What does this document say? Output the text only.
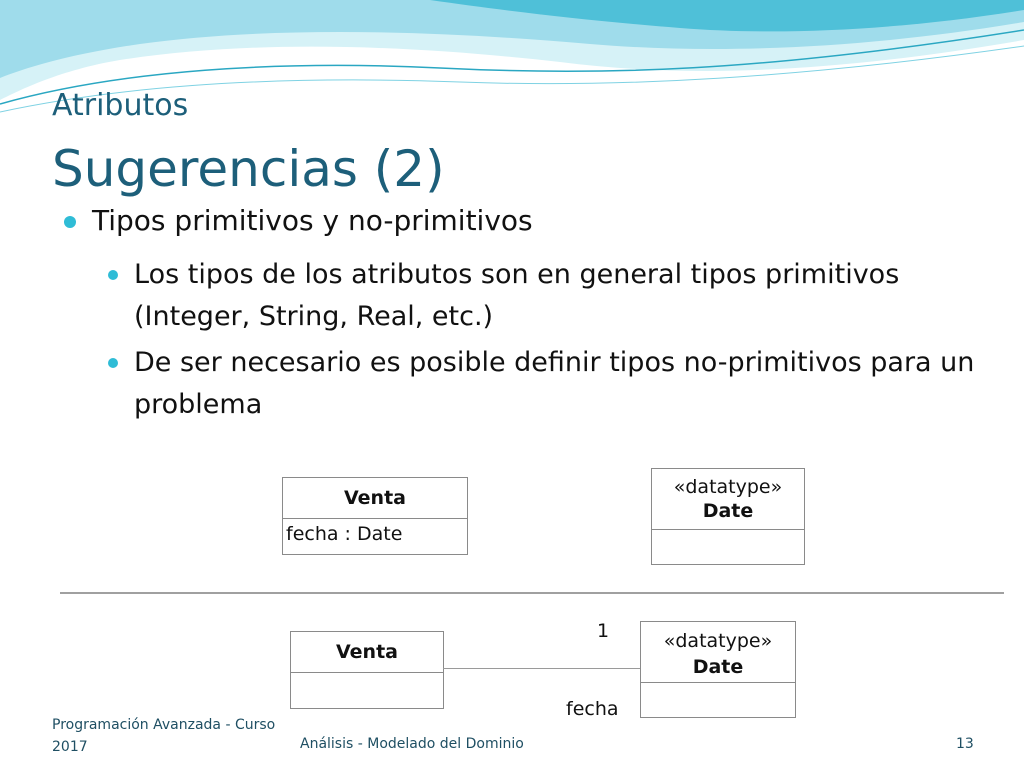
Atributos
Sugerencias (2)
Tipos primitivos y no-primitivos
Los tipos de los atributos son en general tipos primitivos (Integer, String, Real, etc.)
De ser necesario es posible definir tipos no-primitivos para un problema
Venta
fecha : Date
«datatype»
Date
Venta
1
fecha
«datatype»
Date
Programación Avanzada - Curso
2017	Análisis - Modelado del Dominio	13
